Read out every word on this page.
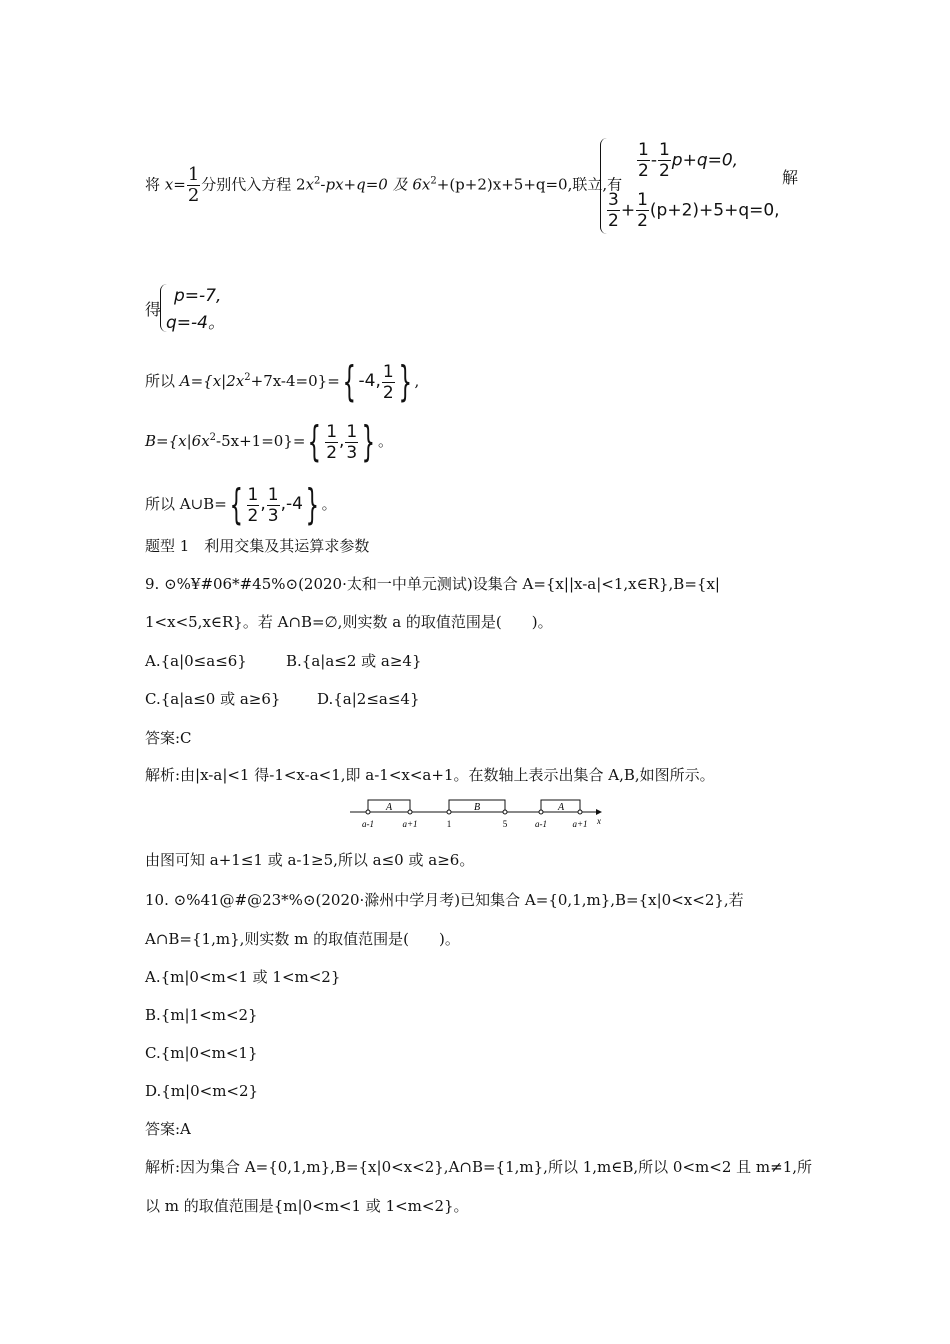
将 $x= \frac{1}{2}$ 分别代入方程 $2x^2-px+q=0$ 及 $6x^2+(p+2)x+5+q=0$,联立,有
$\frac{1}{2} - \frac{1}{2} p+q=0$,
$\frac{3}{2} + \frac{1}{2} (p+2)+5+q=0$,
解
得
p=-7,
q=-4。
所以 $A=\{x|2x^2+7x-4=0\}=${ -4, $\frac{1}{2}$ } ,
$B=\{x|6x^2-5x+1=0\}=\{ \frac{1}{2}$ , $\frac{1}{3}$ } 。
所以 A∪B={ $\frac{1}{2}$ , $\frac{1}{3} ,-4$} 。
题型 1　利用交集及其运算求参数
9. ⊙%¥#06*#45%⊙(2020·太和一中单元测试)设集合 A={x||x-a|<1,x∈R},B={x|
1<x<5,x∈R}。若 A∩B=∅,则实数 a 的取值范围是(　　)。
A.{a|0≤a≤6}	B.{a|a≤2 或 a≥4}
C.{a|a≤0 或 a≥6} D.{a|2≤a≤4}
答案:C
解析:由|x-a|<1 得-1<x-a<1,即 a-1<x<a+1。在数轴上表示出集合 A,B,如图所示。
A	B	A
a-1	a+1	1	5	a-1	a+1 x
由图可知 a+1≤1 或 a-1≥5,所以 a≤0 或 a≥6。
10. ⊙%41@#@23*%⊙(2020·滁州中学月考)已知集合 A={0,1,m},B={x|0<x<2},若
A∩B={1,m},则实数 m 的取值范围是(　　)。
A.{m|0<m<1 或 1<m<2}
B.{m|1<m<2}
C.{m|0<m<1}
D.{m|0<m<2}
答案:A
解析:因为集合 A={0,1,m},B={x|0<x<2},A∩B={1,m},所以 1,m∈B,所以 0<m<2 且 m≠1,所
以 m 的取值范围是{m|0<m<1 或 1<m<2}。
